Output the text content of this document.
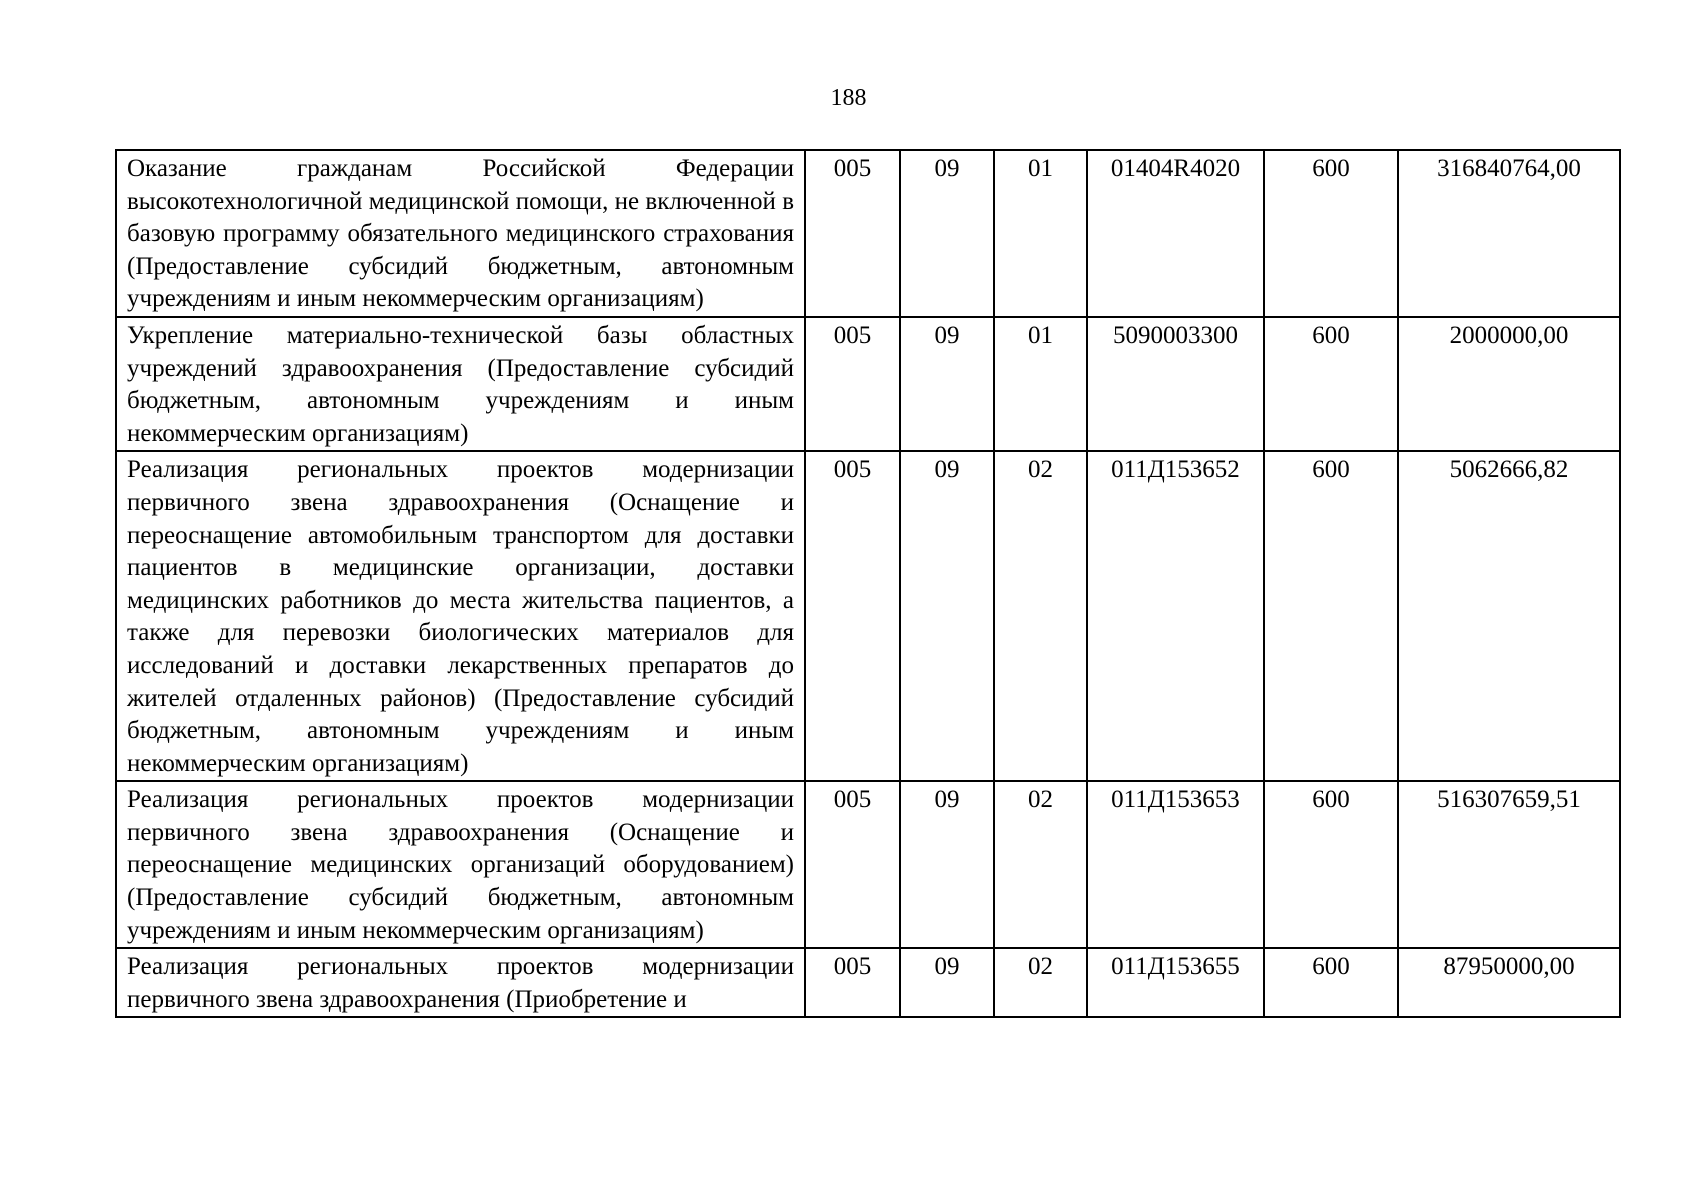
188
Оказание гражданам Российской Федерации высокотехнологичной медицинской помощи, не включенной в базовую программу обязательного медицинского страхования (Предоставление субсидий бюджетным, автономным учреждениям и иным некоммерческим организациям)	005	09	01	01404R4020	600	316840764,00
Укрепление материально-технической базы областных учреждений здравоохранения (Предоставление субсидий бюджетным, автономным учреждениям и иным некоммерческим организациям)	005	09	01	5090003300	600	2000000,00
Реализация региональных проектов модернизации первичного звена здравоохранения (Оснащение и переоснащение автомобильным транспортом для доставки пациентов в медицинские организации, доставки медицинских работников до места жительства пациентов, а также для перевозки биологических материалов для исследований и доставки лекарственных препаратов до жителей отдаленных районов) (Предоставление субсидий бюджетным, автономным учреждениям и иным некоммерческим организациям)	005	09	02	011Д153652	600	5062666,82
Реализация региональных проектов модернизации первичного звена здравоохранения (Оснащение и переоснащение медицинских организаций оборудованием) (Предоставление субсидий бюджетным, автономным учреждениям и иным некоммерческим организациям)	005	09	02	011Д153653	600	516307659,51
Реализация региональных проектов модернизации первичного звена здравоохранения (Приобретение и	005	09	02	011Д153655	600	87950000,00
